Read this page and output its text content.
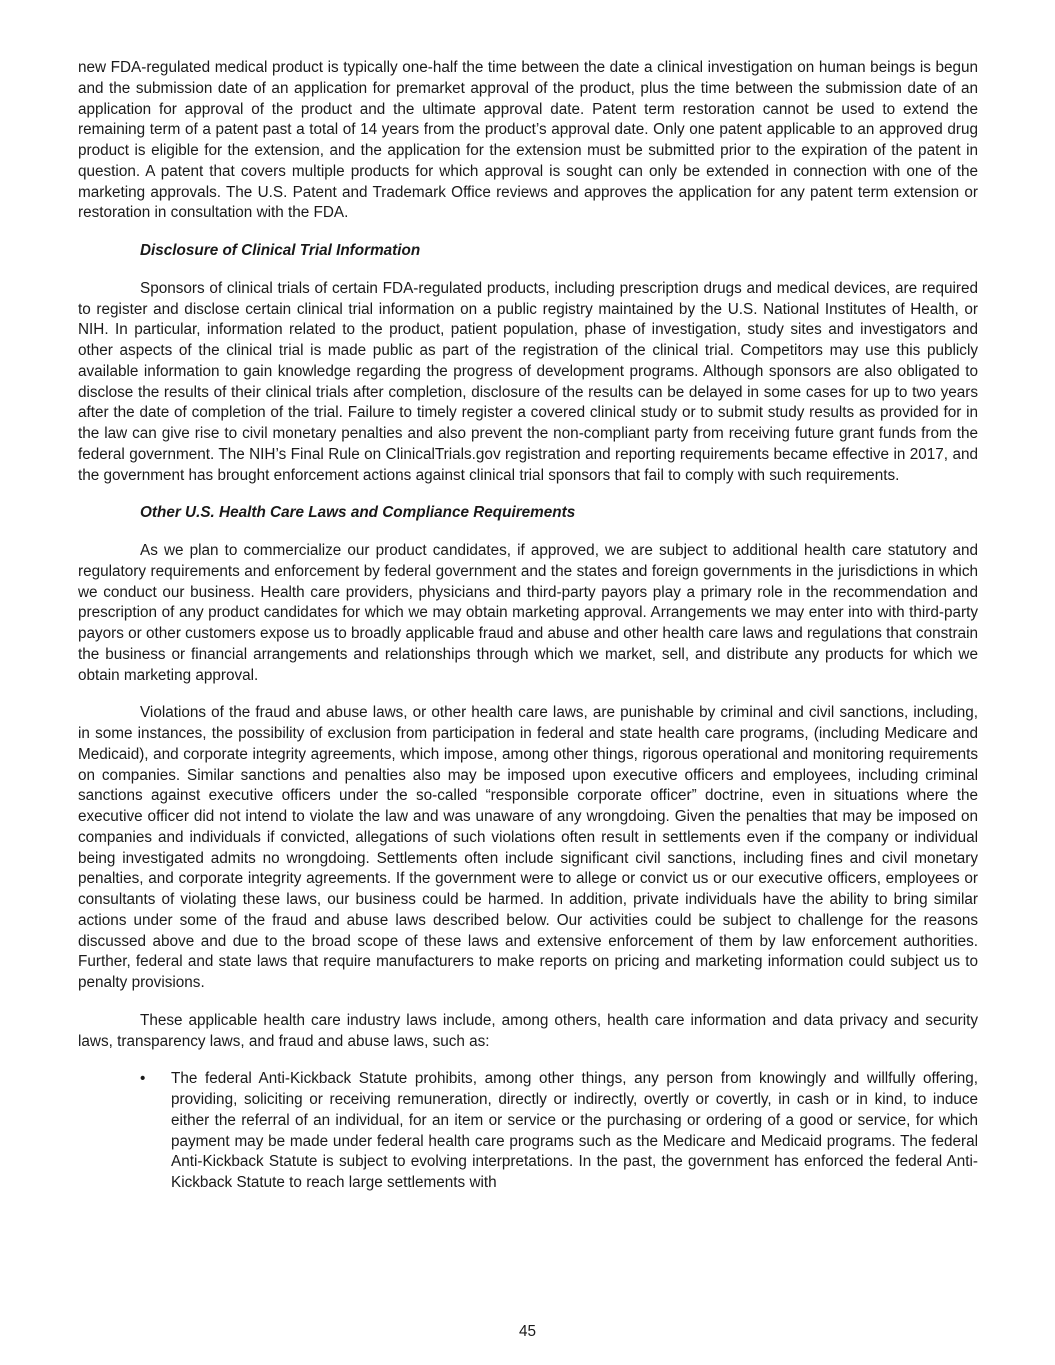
new FDA-regulated medical product is typically one-half the time between the date a clinical investigation on human beings is begun and the submission date of an application for premarket approval of the product, plus the time between the submission date of an application for approval of the product and the ultimate approval date. Patent term restoration cannot be used to extend the remaining term of a patent past a total of 14 years from the product’s approval date. Only one patent applicable to an approved drug product is eligible for the extension, and the application for the extension must be submitted prior to the expiration of the patent in question. A patent that covers multiple products for which approval is sought can only be extended in connection with one of the marketing approvals. The U.S. Patent and Trademark Office reviews and approves the application for any patent term extension or restoration in consultation with the FDA.

Disclosure of Clinical Trial Information

Sponsors of clinical trials of certain FDA-regulated products, including prescription drugs and medical devices, are required to register and disclose certain clinical trial information on a public registry maintained by the U.S. National Institutes of Health, or NIH. In particular, information related to the product, patient population, phase of investigation, study sites and investigators and other aspects of the clinical trial is made public as part of the registration of the clinical trial. Competitors may use this publicly available information to gain knowledge regarding the progress of development programs. Although sponsors are also obligated to disclose the results of their clinical trials after completion, disclosure of the results can be delayed in some cases for up to two years after the date of completion of the trial. Failure to timely register a covered clinical study or to submit study results as provided for in the law can give rise to civil monetary penalties and also prevent the non-compliant party from receiving future grant funds from the federal government. The NIH’s Final Rule on ClinicalTrials.gov registration and reporting requirements became effective in 2017, and the government has brought enforcement actions against clinical trial sponsors that fail to comply with such requirements.

Other U.S. Health Care Laws and Compliance Requirements

As we plan to commercialize our product candidates, if approved, we are subject to additional health care statutory and regulatory requirements and enforcement by federal government and the states and foreign governments in the jurisdictions in which we conduct our business. Health care providers, physicians and third-party payors play a primary role in the recommendation and prescription of any product candidates for which we may obtain marketing approval. Arrangements we may enter into with third-party payors or other customers expose us to broadly applicable fraud and abuse and other health care laws and regulations that constrain the business or financial arrangements and relationships through which we market, sell, and distribute any products for which we obtain marketing approval.

Violations of the fraud and abuse laws, or other health care laws, are punishable by criminal and civil sanctions, including, in some instances, the possibility of exclusion from participation in federal and state health care programs, (including Medicare and Medicaid), and corporate integrity agreements, which impose, among other things, rigorous operational and monitoring requirements on companies. Similar sanctions and penalties also may be imposed upon executive officers and employees, including criminal sanctions against executive officers under the so-called “responsible corporate officer” doctrine, even in situations where the executive officer did not intend to violate the law and was unaware of any wrongdoing. Given the penalties that may be imposed on companies and individuals if convicted, allegations of such violations often result in settlements even if the company or individual being investigated admits no wrongdoing. Settlements often include significant civil sanctions, including fines and civil monetary penalties, and corporate integrity agreements. If the government were to allege or convict us or our executive officers, employees or consultants of violating these laws, our business could be harmed. In addition, private individuals have the ability to bring similar actions under some of the fraud and abuse laws described below. Our activities could be subject to challenge for the reasons discussed above and due to the broad scope of these laws and extensive enforcement of them by law enforcement authorities. Further, federal and state laws that require manufacturers to make reports on pricing and marketing information could subject us to penalty provisions.

These applicable health care industry laws include, among others, health care information and data privacy and security laws, transparency laws, and fraud and abuse laws, such as:

• The federal Anti-Kickback Statute prohibits, among other things, any person from knowingly and willfully offering, providing, soliciting or receiving remuneration, directly or indirectly, overtly or covertly, in cash or in kind, to induce either the referral of an individual, for an item or service or the purchasing or ordering of a good or service, for which payment may be made under federal health care programs such as the Medicare and Medicaid programs. The federal Anti-Kickback Statute is subject to evolving interpretations. In the past, the government has enforced the federal Anti-Kickback Statute to reach large settlements with

45
